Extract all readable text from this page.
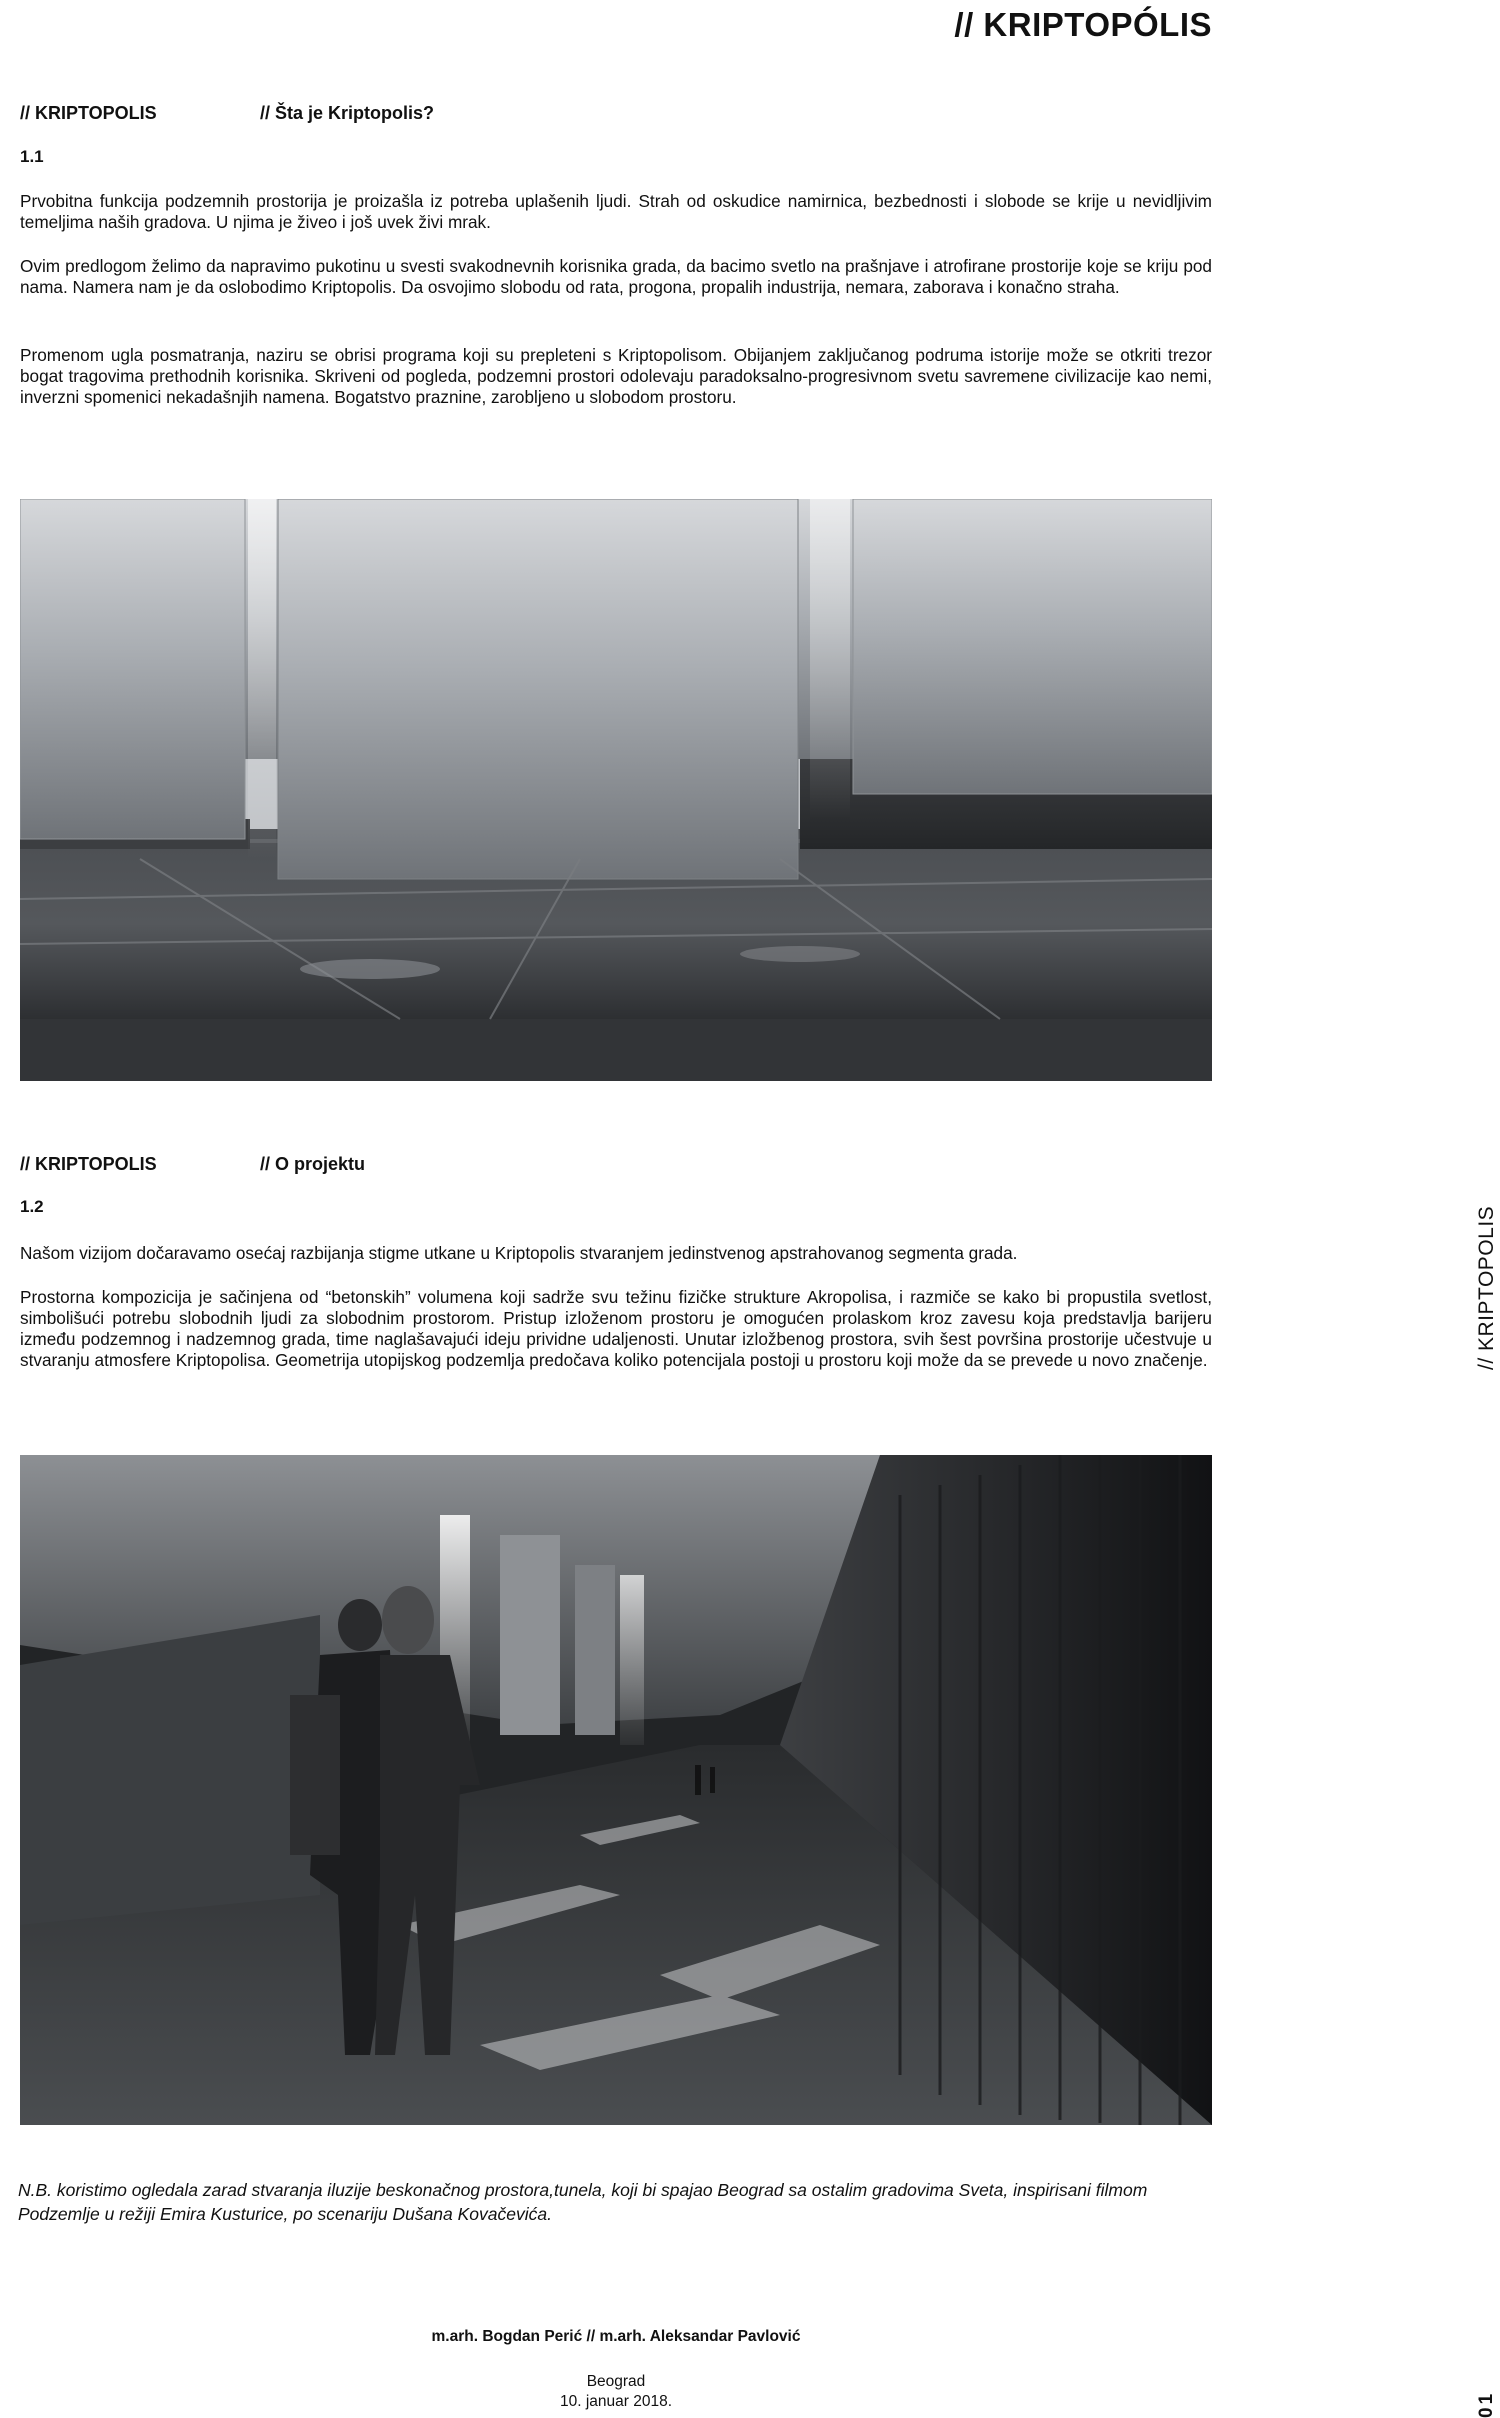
// KRIPTOPÓLIS
// KRIPTOPOLIS	// Šta je Kriptopolis?
1.1
Prvobitna funkcija podzemnih prostorija je proizašla iz potreba uplašenih ljudi. Strah od oskudice namirnica, bezbednosti i slobode se krije u nevidljivim temeljima naših gradova. U njima je živeo i još uvek živi mrak.
Ovim predlogom želimo da napravimo pukotinu u svesti svakodnevnih korisnika grada, da bacimo svetlo na prašnjave i atrofirane prostorije koje se kriju pod nama. Namera nam je da oslobodimo Kriptopolis. Da osvojimo slobodu od rata, progona, propalih industrija, nemara, zaborava i konačno straha.
Promenom ugla posmatranja, naziru se obrisi programa koji su prepleteni s Kriptopolisom. Obijanjem zaključanog podruma istorije može se otkriti trezor bogat tragovima prethodnih korisnika. Skriveni od pogleda, podzemni prostori odolevaju paradoksalno-progresivnom svetu savremene civilizacije kao nemi, inverzni spomenici nekadašnjih namena. Bogatstvo praznine, zarobljeno u slobodom prostoru.
// KRIPTOPOLIS	// O projektu
1.2
Našom vizijom dočaravamo osećaj razbijanja stigme utkane u Kriptopolis stvaranjem jedinstvenog apstrahovanog segmenta grada.
Prostorna kompozicija je sačinjena od “betonskih” volumena koji sadrže svu težinu fizičke strukture Akropolisa, i razmiče se kako bi propustila svetlost, simbolišući potrebu slobodnih ljudi za slobodnim prostorom. Pristup izloženom prostoru je omogućen prolaskom kroz zavesu koja predstavlja barijeru između podzemnog i nadzemnog grada, time naglašavajući ideju prividne udaljenosti. Unutar izložbenog prostora, svih šest površina prostorije učestvuje u stvaranju atmosfere Kriptopolisa. Geometrija utopijskog podzemlja predočava koliko potencijala postoji u prostoru koji može da se prevede u novo značenje.
N.B. koristimo ogledala zarad stvaranja iluzije beskonačnog prostora,tunela, koji bi spajao Beograd sa ostalim gradovima Sveta, inspirisani filmom Podzemlje u režiji Emira Kusturice, po scenariju Dušana Kovačevića.
m.arh. Bogdan Perić // m.arh. Aleksandar Pavlović
Beograd
10. januar 2018.
// KRIPTOPOLIS
01
